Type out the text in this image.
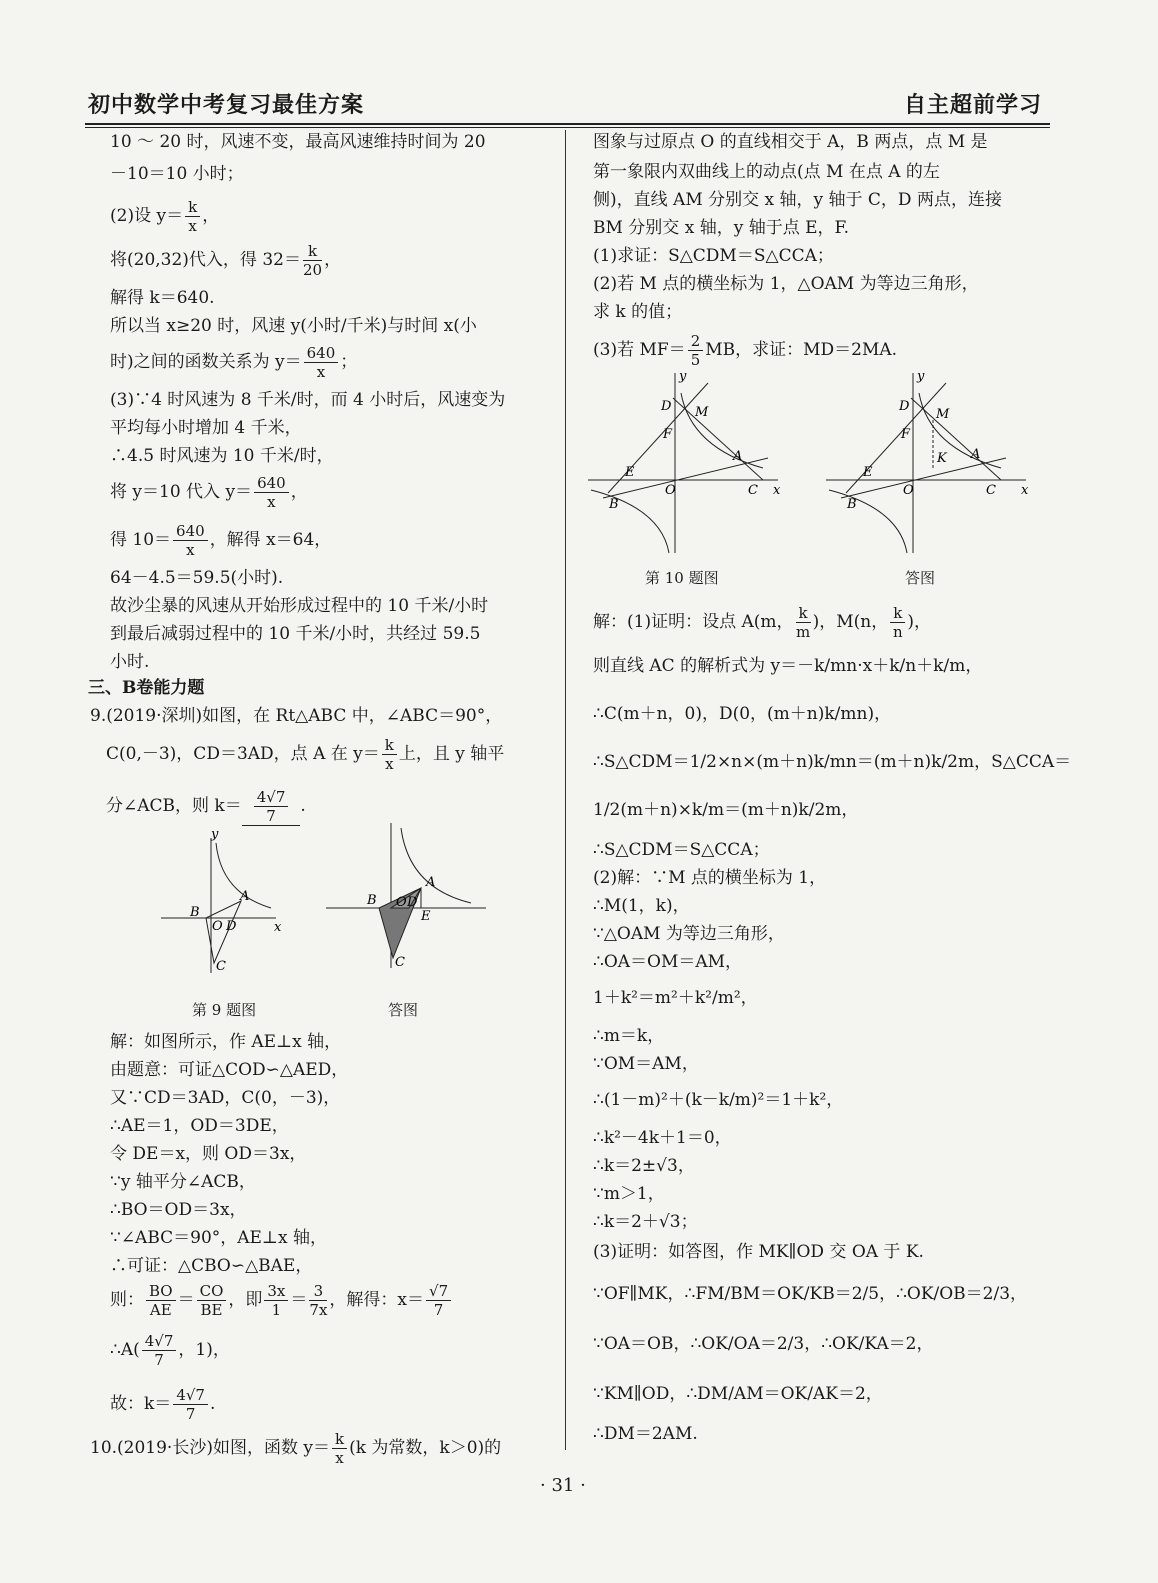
初中数学中考复习最佳方案	自主超前学习
10 ～ 20 时，风速不变，最高风速维持时间为 20
－10＝10 小时；
(2)设 $y= \frac{k}{x}$ ，
将(20,32)代入，得 $32= \frac{k}{20}$ ，
解得 k＝640.
所以当 x≥20 时，风速 y(小时/千米)与时间 x(小
时)之间的函数关系为 $y= \frac{640}{x}$ ；
(3)∵4 时风速为 8 千米/时，而 4 小时后，风速变为
平均每小时增加 4 千米，
∴4.5 时风速为 10 千米/时，
将 y＝10 代入 $y= \frac{640}{x}$ ，
得 $10= \frac{640}{x}$ ，解得 x＝64，
64－4.5＝59.5(小时).
故沙尘暴的风速从开始形成过程中的 10 千米/小时
到最后减弱过程中的 10 千米/小时，共经过 59.5
小时.
三、B卷能力题
9.(2019·深圳)如图，在 Rt△ABC 中，∠ABC＝90°，
C(0,－3)，CD＝3AD，点 A 在 $y= \frac{k}{x}$ 上，且 y 轴平
分∠ACB，则 $k= \frac{4√7}{7}$ .
y
x
B
A
O D
C
A
B O D
E
C
第 9 题图	答图
解：如图所示，作 AE⊥x 轴，
由题意：可证△COD∽△AED，
又∵CD＝3AD，C(0，－3)，
∴AE＝1，OD＝3DE，
令 DE＝x，则 OD＝3x，
∵y 轴平分∠ACB，
∴BO＝OD＝3x，
∵∠ABC＝90°，AE⊥x 轴，
∴可证：△CBO∽△BAE，
则： $\frac{BO}{AE} = \frac{CO}{BE}$ ，即 $\frac{3x}{1} = \frac{3}{7x}$ ，解得：$x= \frac{√7}{7}$
∴A( $\frac{4√7}{7}$ ，1)，
故：$k= \frac{4√7}{7}$ .
10.(2019·长沙)如图，函数 $y= \frac{k}{x} (k$ 为常数，k＞0)的
图象与过原点 O 的直线相交于 A，B 两点，点 M 是
第一象限内双曲线上的动点(点 M 在点 A 的左
侧)，直线 AM 分别交 x 轴，y 轴于 C，D 两点，连接
BM 分别交 x 轴，y 轴于点 E，F.
(1)求证：S△CDM＝S△CCA；
(2)若 M 点的横坐标为 1，△OAM 为等边三角形，
求 k 的值；
(3)若 $MF= \frac{2}{5}$ MB，求证：MD＝2MA.
y
x
D M
F
A
E
O	C
B
y
x
D
M
F
K A
E
O	C
B
第 10 题图	答图
解：(1)证明：设点 A(m， $\frac{k}{m}$ )，M(n， $\frac{k}{n}$ )，
则直线 AC 的解析式为 y＝－k/mn·x＋k/n＋k/m，
∴C(m＋n，0)，D(0，(m＋n)k/mn)，
∴S△CDM＝1/2×n×(m＋n)k/mn＝(m＋n)k/2m，S△CCA＝
1/2(m＋n)×k/m＝(m＋n)k/2m，
∴S△CDM＝S△CCA；
(2)解：∵M 点的横坐标为 1，
∴M(1，k)，
∵△OAM 为等边三角形，
∴OA＝OM＝AM，
1＋k²＝m²＋k²/m²，
∴m＝k，
∵OM＝AM，
∴(1－m)²＋(k－k/m)²＝1＋k²，
∴k²－4k＋1＝0，
∴k＝2±√3，
∵m＞1，
∴k＝2＋√3；
(3)证明：如答图，作 MK∥OD 交 OA 于 K.
∵OF∥MK，∴FM/BM＝OK/KB＝2/5，∴OK/OB＝2/3，
∵OA＝OB，∴OK/OA＝2/3，∴OK/KA＝2，
∵KM∥OD，∴DM/AM＝OK/AK＝2，
∴DM＝2AM.
· 31 ·
